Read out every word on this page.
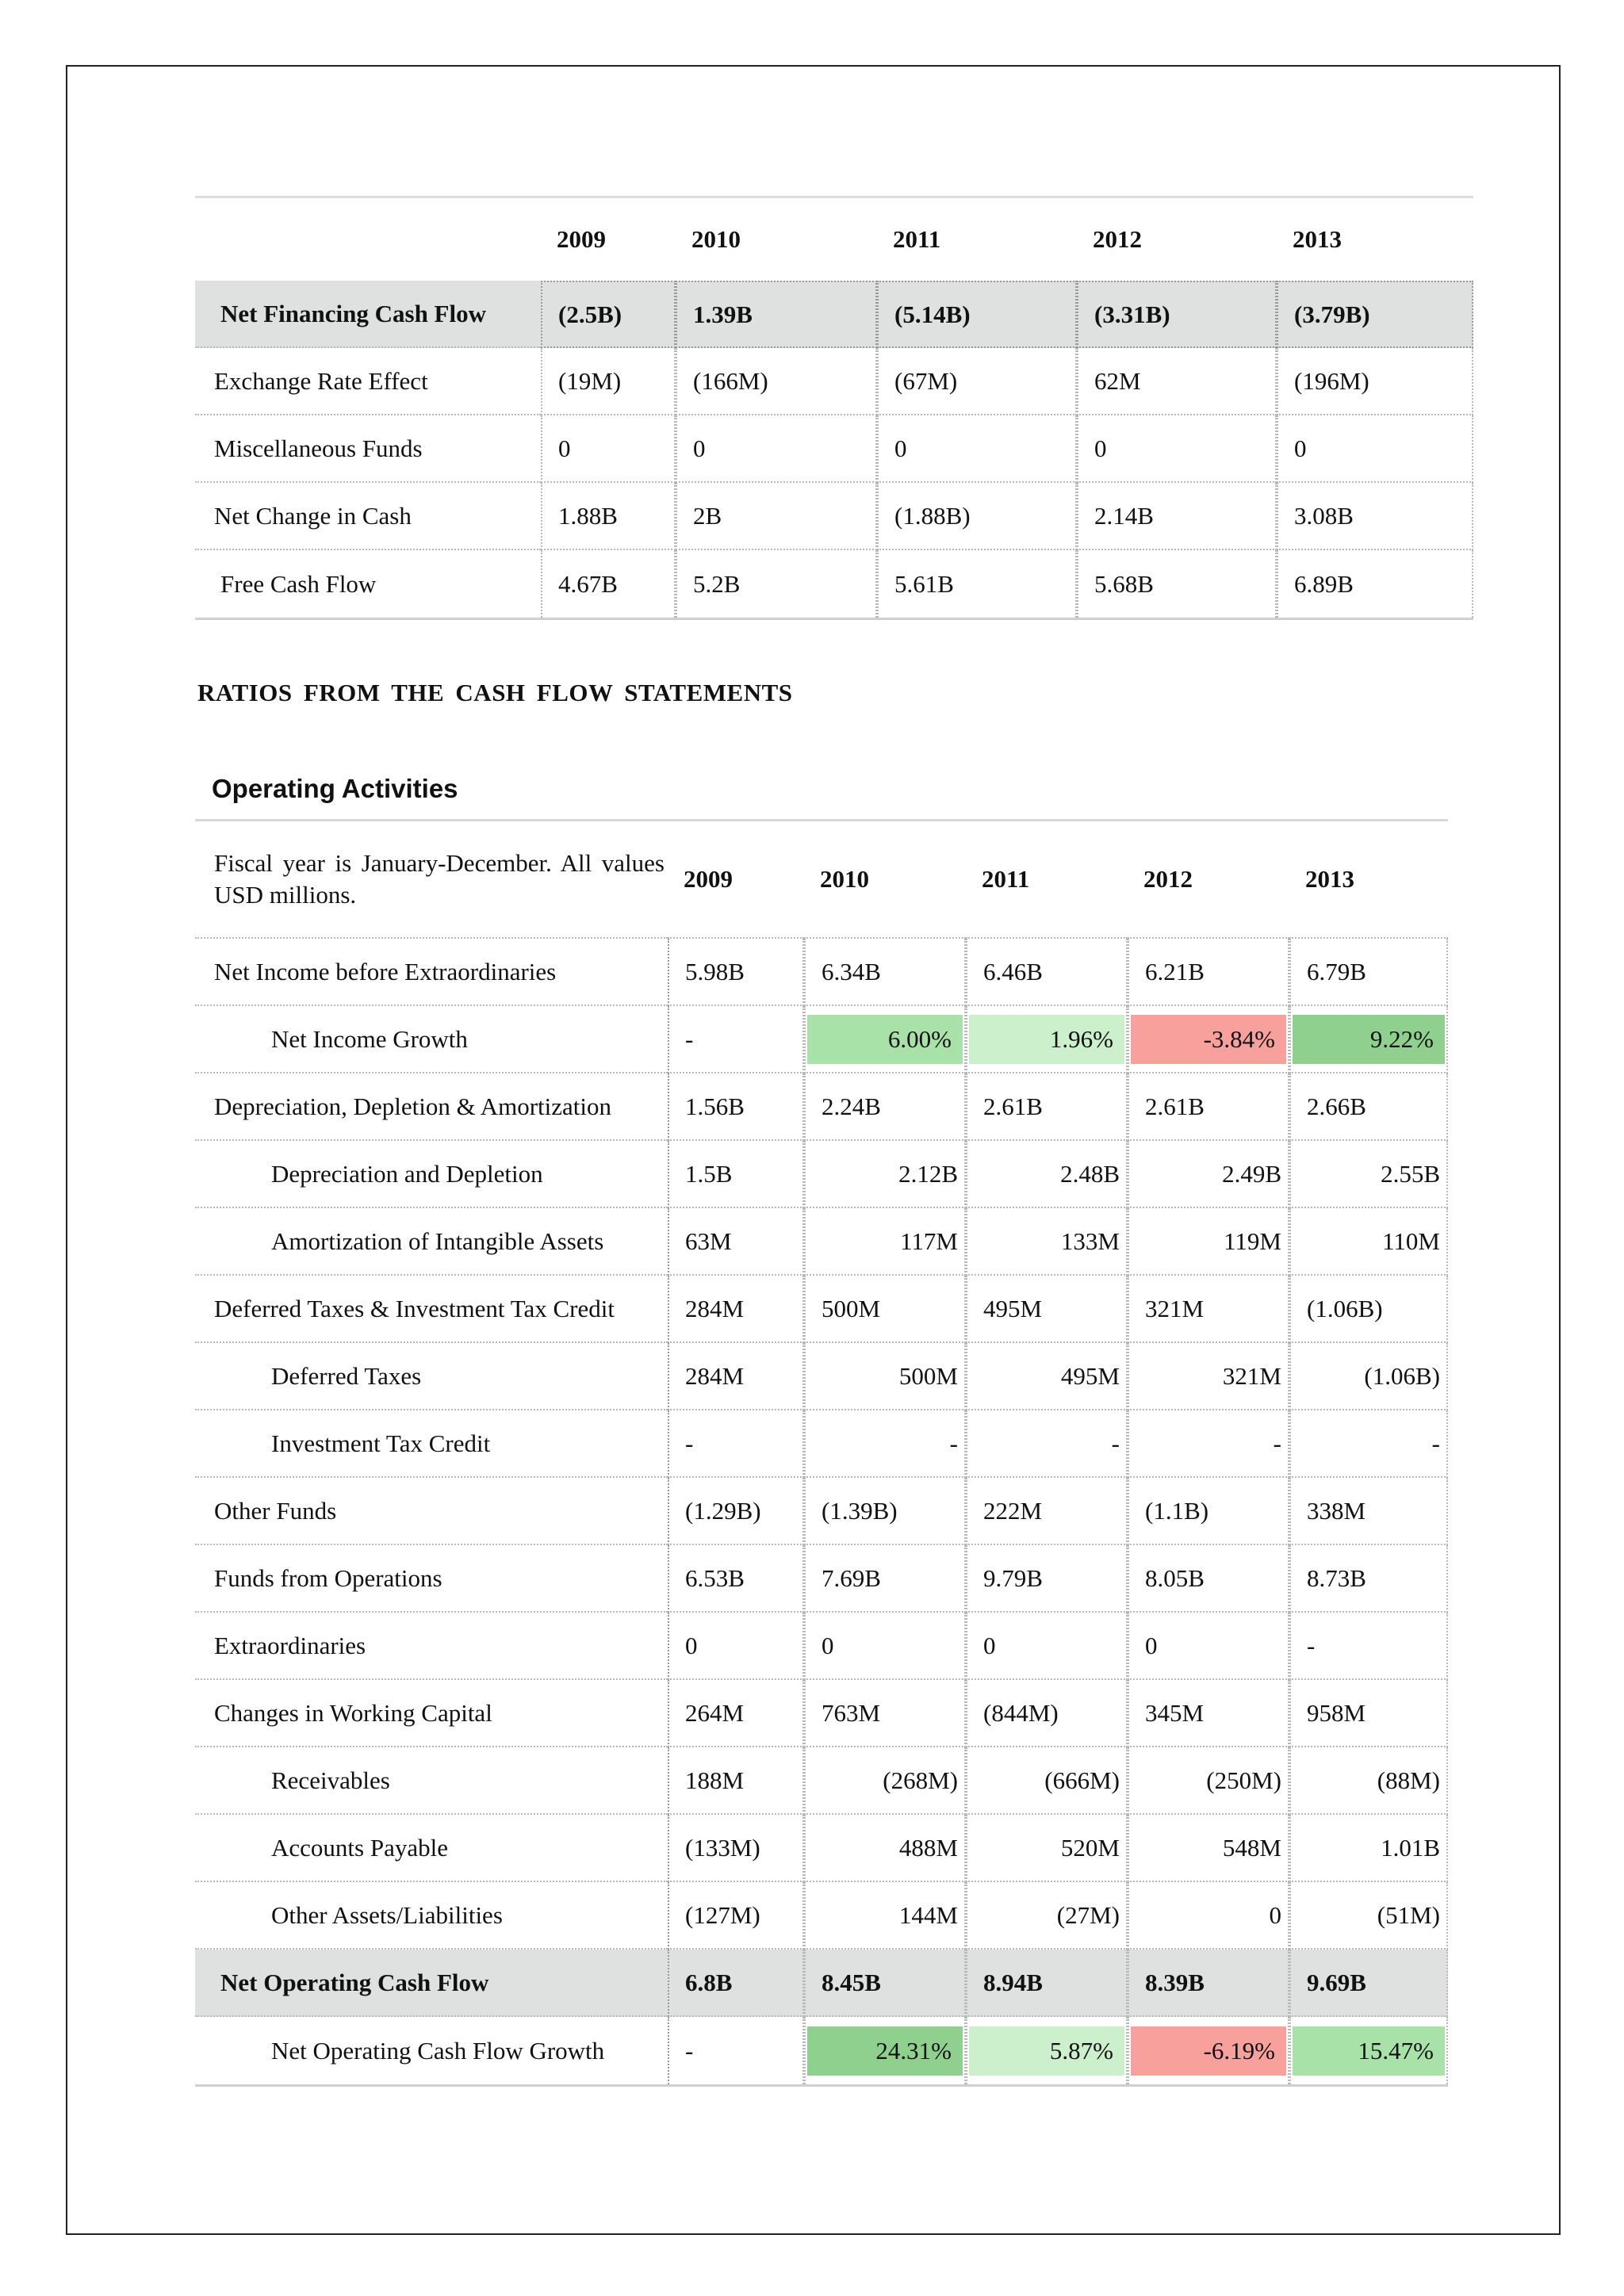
	2009	2010	2011	2012	2013
Net Financing Cash Flow	(2.5B)	1.39B	(5.14B)	(3.31B)	(3.79B)
Exchange Rate Effect	(19M)	(166M)	(67M)	62M	(196M)
Miscellaneous Funds	0	0	0	0	0
Net Change in Cash	1.88B	2B	(1.88B)	2.14B	3.08B
Free Cash Flow	4.67B	5.2B	5.61B	5.68B	6.89B
RATIOS FROM THE CASH FLOW STATEMENTS
Operating Activities
Fiscal year is January-December. All values USD millions.	2009	2010	2011	2012	2013
Net Income before Extraordinaries	5.98B	6.34B	6.46B	6.21B	6.79B
Net Income Growth	-	6.00%	1.96%	-3.84%	9.22%

Depreciation, Depletion & Amortization	1.56B	2.24B	2.61B	2.61B	2.66B
Depreciation and Depletion	1.5B	2.12B	2.48B	2.49B	2.55B
Amortization of Intangible Assets	63M	117M	133M	119M	110M
Deferred Taxes & Investment Tax Credit	284M	500M	495M	321M	(1.06B)
Deferred Taxes	284M	500M	495M	321M	(1.06B)
Investment Tax Credit	-	-	-	-	-
Other Funds	(1.29B)	(1.39B)	222M	(1.1B)	338M
Funds from Operations	6.53B	7.69B	9.79B	8.05B	8.73B
Extraordinaries	0	0	0	0	-
Changes in Working Capital	264M	763M	(844M)	345M	958M
Receivables	188M	(268M)	(666M)	(250M)	(88M)
Accounts Payable	(133M)	488M	520M	548M	1.01B
Other Assets/Liabilities	(127M)	144M	(27M)	0	(51M)
Net Operating Cash Flow	6.8B	8.45B	8.94B	8.39B	9.69B
Net Operating Cash Flow Growth	-	24.31%	5.87%	-6.19%	15.47%
